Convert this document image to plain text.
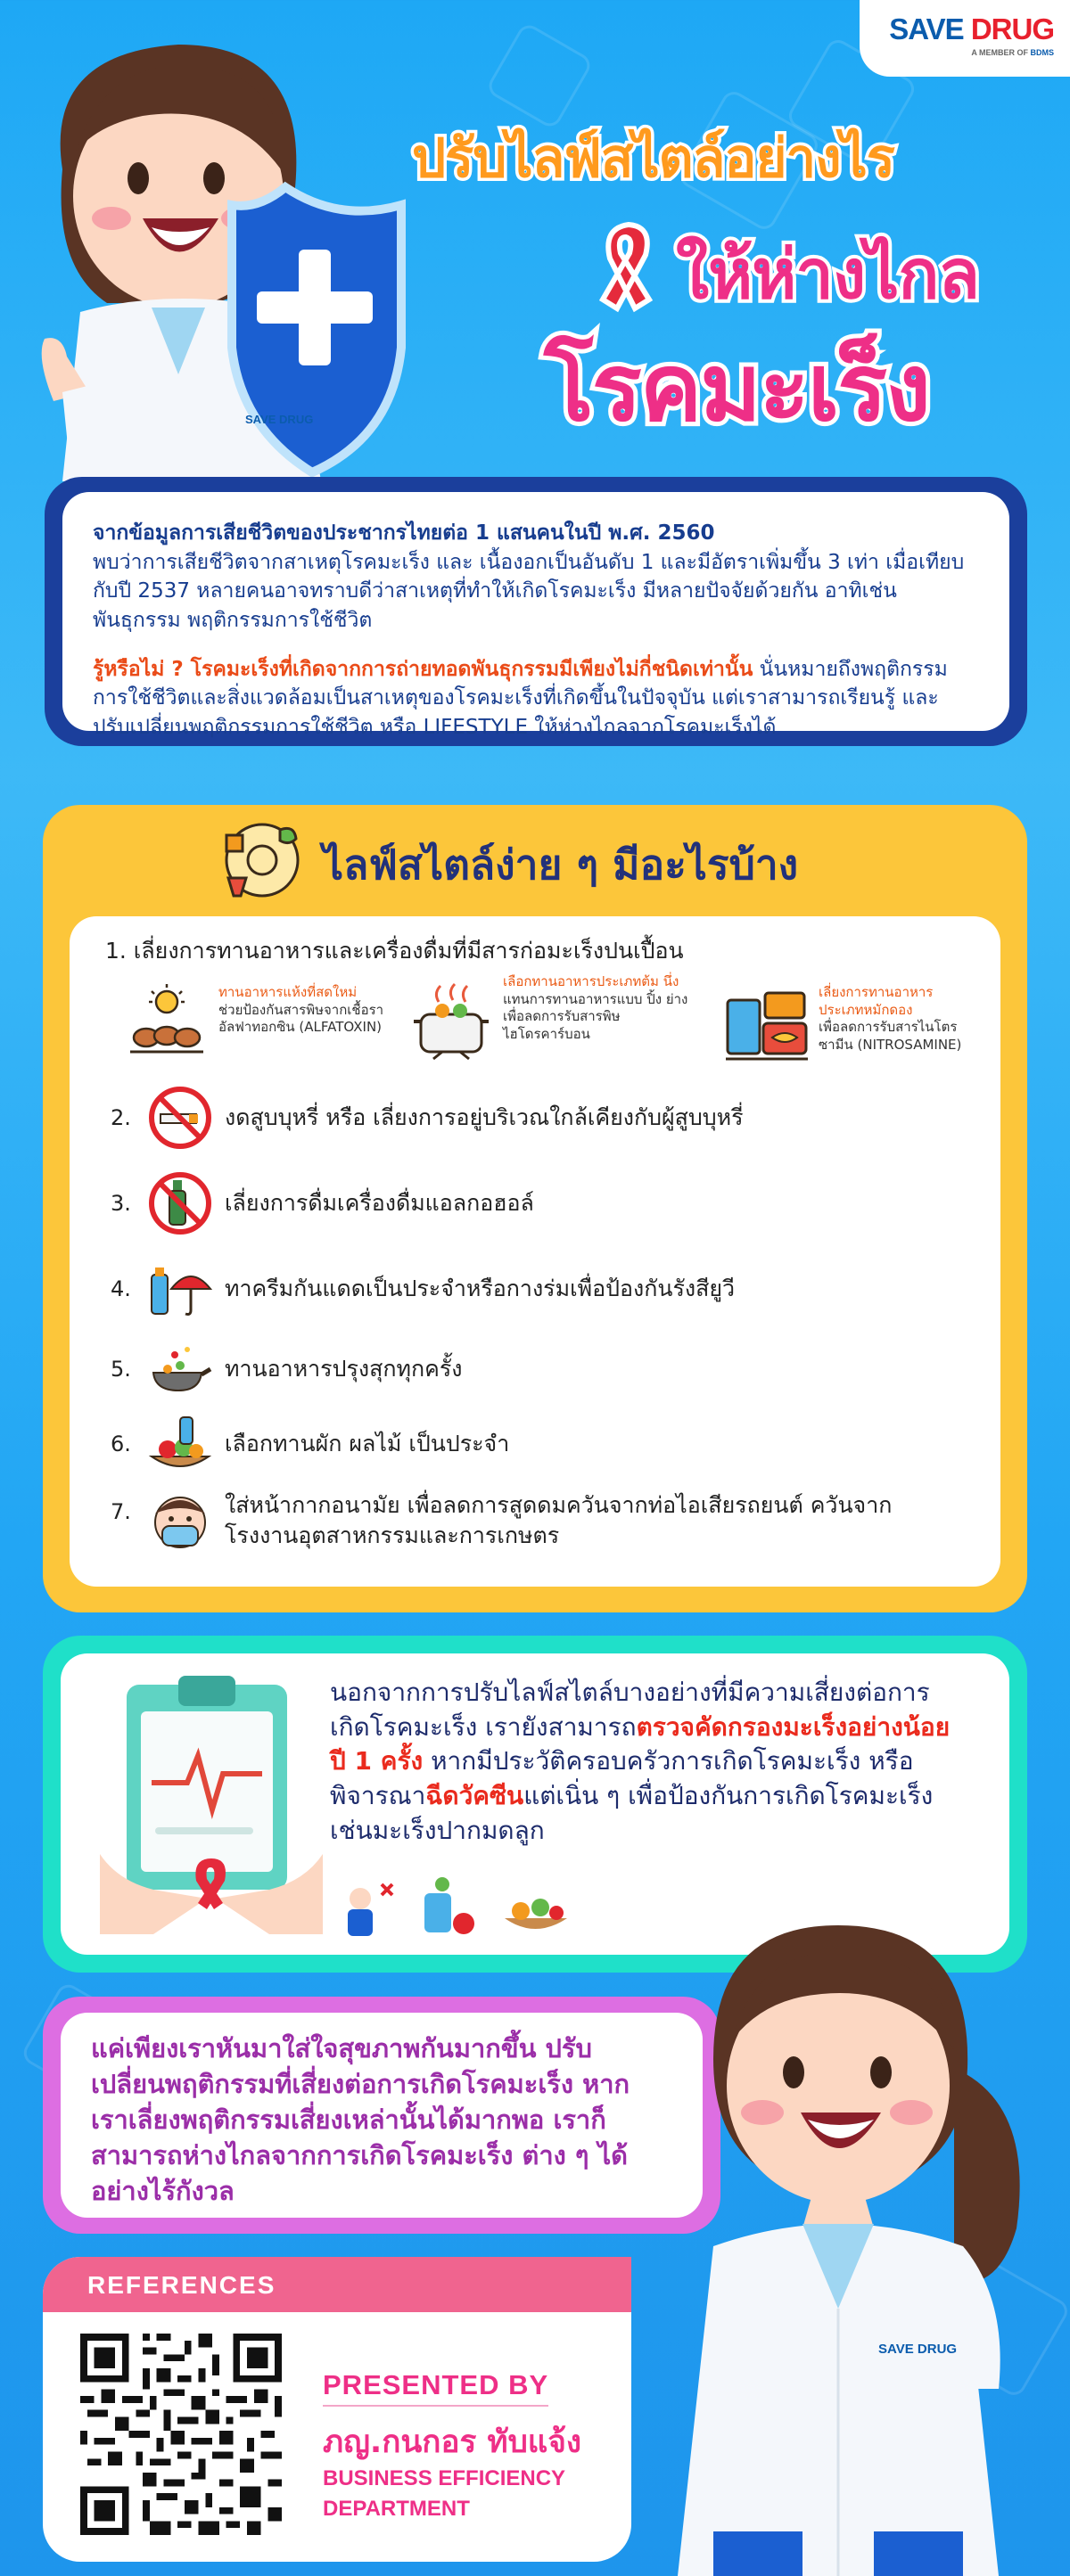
SAVE DRUG
A MEMBER OF BDMS
SAVE DRUG
ปรับไลฟ์สไตล์อย่างไร
ให้ห่างไกล
โรคมะเร็ง

จากข้อมูลการเสียชีวิตของประชากรไทยต่อ 1 แสนคนในปี พ.ศ. 2560
พบว่าการเสียชีวิตจากสาเหตุโรคมะเร็ง และ เนื้องอกเป็นอันดับ 1 และมีอัตราเพิ่มขึ้น 3 เท่า เมื่อเทียบกับปี 2537 หลายคนอาจทราบดีว่าสาเหตุที่ทำให้เกิดโรคมะเร็ง มีหลายปัจจัยด้วยกัน อาทิเช่น พันธุกรรม พฤติกรรมการใช้ชีวิต

รู้หรือไม่ ? โรคมะเร็งที่เกิดจากการถ่ายทอดพันธุกรรมมีเพียงไม่กี่ชนิดเท่านั้น นั่นหมายถึงพฤติกรรมการใช้ชีวิตและสิ่งแวดล้อมเป็นสาเหตุของโรคมะเร็งที่เกิดขึ้นในปัจจุบัน แต่เราสามารถเรียนรู้ และ ปรับเปลี่ยนพฤติกรรมการใช้ชีวิต หรือ LIFESTYLE ให้ห่างไกลจากโรคมะเร็งได้

ไลฟ์สไตล์ง่าย ๆ มีอะไรบ้าง
1. เลี่ยงการทานอาหารและเครื่องดื่มที่มีสารก่อมะเร็งปนเปื้อน
ทานอาหารแห้งที่สดใหม่
ช่วยป้องกันสารพิษจากเชื้อราอัลฟาทอกซิน (ALFATOXIN)
เลือกทานอาหารประเภทต้ม นึ่ง
แทนการทานอาหารแบบ ปิ้ง ย่าง เพื่อลดการรับสารพิษไฮโดรคาร์บอน
เลี่ยงการทานอาหารประเภทหมักดอง
เพื่อลดการรับสารไนโตรซามีน (NITROSAMINE)
2.	งดสูบบุหรี่ หรือ เลี่ยงการอยู่บริเวณใกล้เคียงกับผู้สูบบุหรี่
3.	เลี่ยงการดื่มเครื่องดื่มแอลกอฮอล์
4.	ทาครีมกันแดดเป็นประจำหรือกางร่มเพื่อป้องกันรังสียูวี
5.	ทานอาหารปรุงสุกทุกครั้ง
6.	เลือกทานผัก ผลไม้ เป็นประจำ
7.	ใส่หน้ากากอนามัย เพื่อลดการสูดดมควันจากท่อไอเสียรถยนต์ ควันจากโรงงานอุตสาหกรรมและการเกษตร

นอกจากการปรับไลฟ์สไตล์บางอย่างที่มีความเสี่ยงต่อการเกิดโรคมะเร็ง เรายังสามารถตรวจคัดกรองมะเร็งอย่างน้อยปี 1 ครั้ง หากมีประวัติครอบครัวการเกิดโรคมะเร็ง หรือพิจารณาฉีดวัคซีนแต่เนิ่น ๆ เพื่อป้องกันการเกิดโรคมะเร็ง เช่นมะเร็งปากมดลูก

แค่เพียงเราหันมาใส่ใจสุขภาพกันมากขึ้น ปรับเปลี่ยนพฤติกรรมที่เสี่ยงต่อการเกิดโรคมะเร็ง หากเราเลี่ยงพฤติกรรมเสี่ยงเหล่านั้นได้มากพอ เราก็สามารถห่างไกลจากการเกิดโรคมะเร็ง ต่าง ๆ ได้อย่างไร้กังวล

REFERENCES
PRESENTED BY
ภญ.กนกอร ทับแจ้ง
BUSINESS EFFICIENCY
DEPARTMENT
SAVE DRUG
